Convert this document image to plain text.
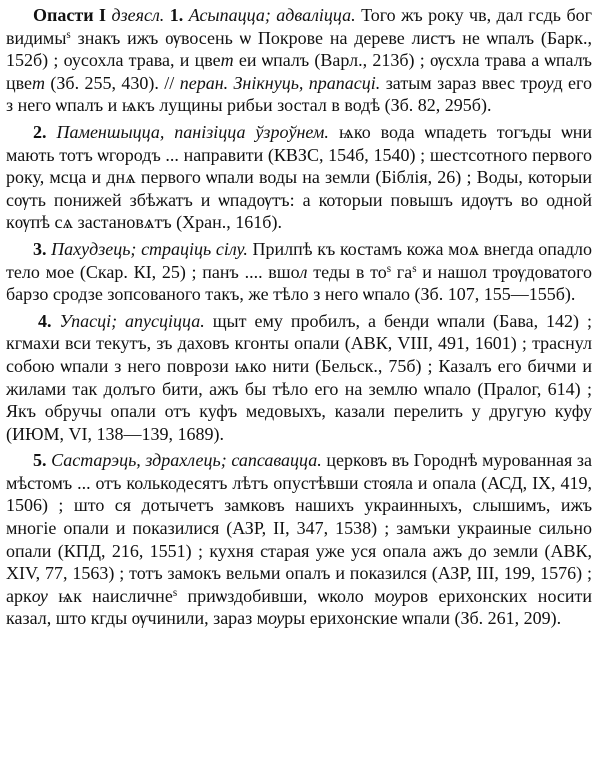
Опасти I дзеясл. 1. Асыпацца; адваліцца. Того жъ року чв, дал гсдь бог видимы$^s$ знакъ ижъ ѹвосень ѡ Покрове на дереве листъ не ѡпалъ (Барк., 152б) ; оусохла трава, и цвет еи ѡпалъ (Варл., 213б) ; ѹсхла трава а ѡпалъ цвет (Зб. 255, 430). // перан. Знікнуць, прапасці. затым зараз ввес трѹд его з него ѡпалъ и ѩкъ лущины рибьи зостал в водѣ (Зб. 82, 295б).

2. Паменшыцца, панізіцца ўзроўнем. ѩко вода ѡпадеть тогъды ѡни мають тотъ ѡгородъ ... направити (КВЗС, 154б, 1540) ; шестсотного первого року, мсца и днѧ первого ѡпали воды на земли (Біблія, 26) ; Воды, которыи сѹть понижей збѣжатъ и ѡпадѹтъ: а которыи повышъ идѹтъ во одной кѹпѣ сѧ застановѧтъ (Хран., 161б).

3. Пахудзець; страціць сілу. Прилпѣ къ костамъ кожа моѧ внегда опадло тело мое (Скар. КІ, 25) ; панъ .... вшол теды в $то^s$ $га^s$ и нашол трѹдоватого барзо сродзе зопсованого такъ, же тѣло з него ѡпало (Зб. 107, 155—155б).

4. Упасці; апусціцца. щыт ему пробилъ, а бенди ѡпали (Бава, 142) ; кгмахи вси текутъ, зъ даховъ кгонты опали (АВК, VIII, 491, 1601) ; траснул собою ѡпали з него поврози ѩко нити (Бельск., 75б) ; Казалъ его бичми и жилами так долъго бити, ажъ бы тѣло его на землю ѡпало (Пралог, 614) ; Якъ обручы опали отъ куфъ медовыхъ, казали перелить у другую куфу (ИЮМ, VI, 138—139, 1689).

5. Састарэць, здрахлець; сапсавацца. церковъ въ Городнѣ мурованная за мѣстомъ ... отъ колькодесятъ лѣтъ опустѣвши стояла и опала (АСД, IX, 419, 1506) ; што ся дотычетъ замковъ нашихъ украинныхъ, слышимъ, ижъ многіе опали и показилися (АЗР, II, 347, 1538) ; замъки украиные сильно опали (КПД, 216, 1551) ; кухня старая уже уся опала ажъ до земли (АВК, XIV, 77, 1563) ; тотъ замокъ вельми опалъ и показился (АЗР, III, 199, 1576) ; аркѹ ѩк наисличне$^s$ приѡздобивши, ѡколо мѹров ерихонских носити казал, што кгды ѹчинили, зараз мѹры ерихонские ѡпали (Зб. 261, 209).
